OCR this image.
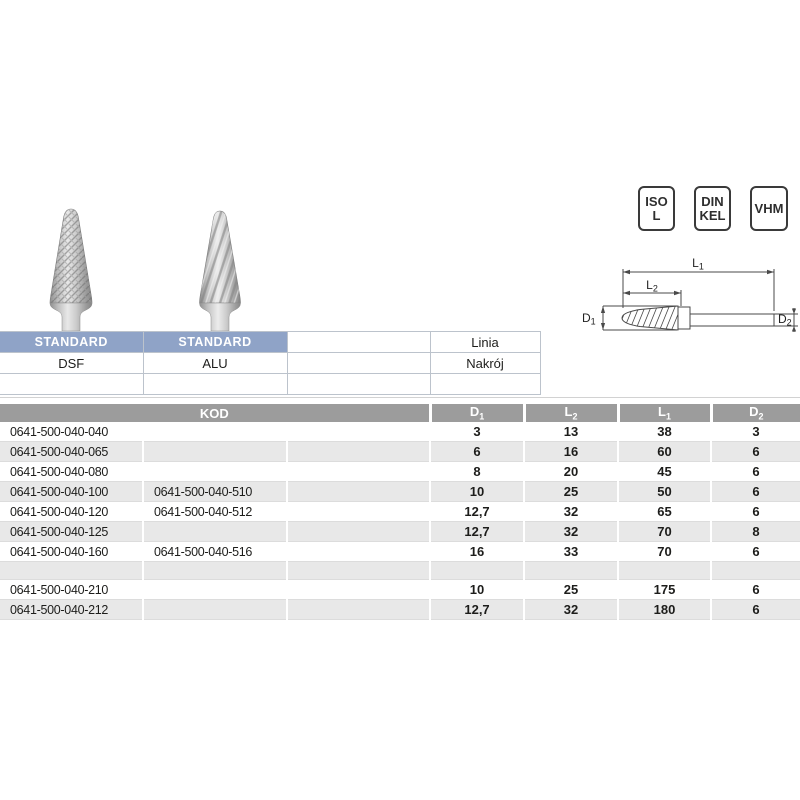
ISO
L
DIN
KEL VHM
$L_1$
$L_2$
$D_1$	$D_2$
STANDARD	STANDARD		Linia
DSF	ALU		Nakrój

KOD			$D_1$	$L_2$	$L_1$	$D_2$
0641-500-040-040			3	13	38	3
0641-500-040-065			6	16	60	6
0641-500-040-080			8	20	45	6
0641-500-040-100	0641-500-040-510		10	25	50	6
0641-500-040-120	0641-500-040-512		12,7	32	65	6
0641-500-040-125			12,7	32	70	8
0641-500-040-160	0641-500-040-516		16	33	70	6

0641-500-040-210			10	25	175	6
0641-500-040-212			12,7	32	180	6
